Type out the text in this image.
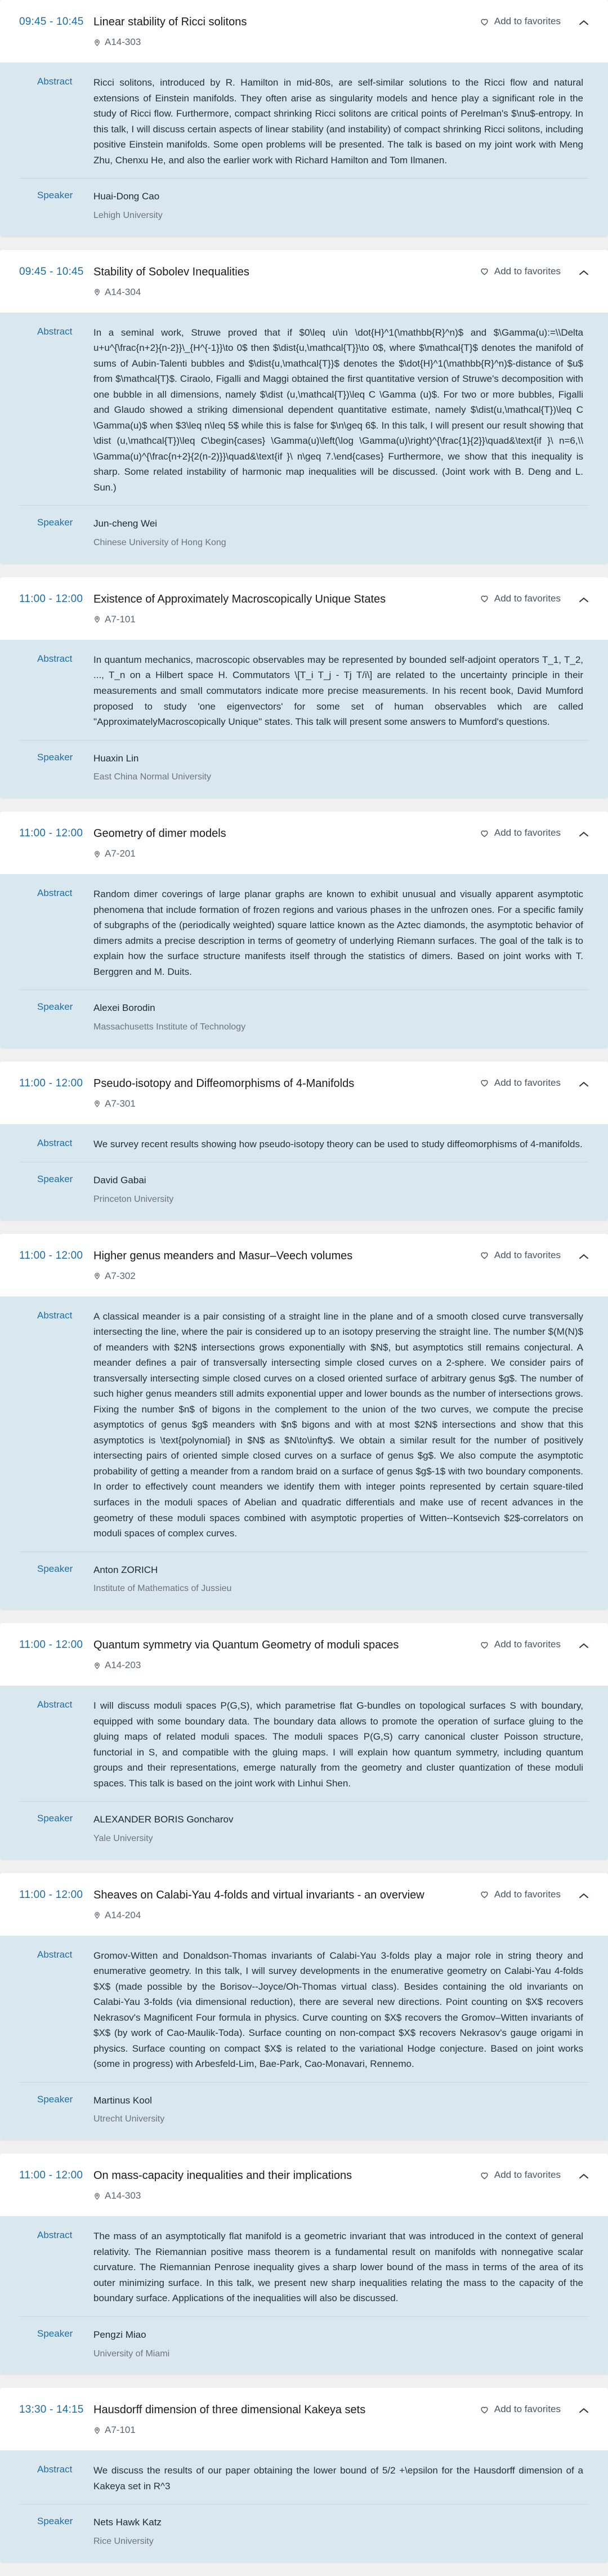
09:45 - 10:45 Linear stability of Ricci solitons
A14-303
Add to favorites
Abstract	Ricci solitons, introduced by R. Hamilton in mid-80s, are self-similar solutions to the Ricci flow and natural extensions of Einstein manifolds. They often arise as singularity models and hence play a significant role in the study of Ricci flow. Furthermore, compact shrinking Ricci solitons are critical points of Perelman's $\nu$-entropy. In this talk, I will discuss certain aspects of linear stability (and instability) of compact shrinking Ricci solitons, including positive Einstein manifolds. Some open problems will be presented. The talk is based on my joint work with Meng Zhu, Chenxu He, and also the earlier work with Richard Hamilton and Tom Ilmanen.
Speaker	Huai-Dong Cao
Lehigh University
09:45 - 10:45 Stability of Sobolev Inequalities
A14-304
Add to favorites
Abstract	In a seminal work, Struwe proved that if $0\leq u\in \dot{H}^1(\mathbb{R}^n)$ and $\Gamma(u):=\\Delta u+u^{\frac{n+2}{n-2}}\_{H^{-1}}\to 0$ then $\dist{u,\mathcal{T}}\to 0$, where $\mathcal{T}$ denotes the manifold of sums of Aubin-Talenti bubbles and $\dist{u,\mathcal{T}}$ denotes the $\dot{H}^1(\mathbb{R}^n)$-distance of $u$ from $\mathcal{T}$. Ciraolo, Figalli and Maggi obtained the first quantitative version of Struwe's decomposition with one bubble in all dimensions, namely $\dist (u,\mathcal{T})\leq C \Gamma (u)$. For two or more bubbles, Figalli and Glaudo showed a striking dimensional dependent quantitative estimate, namely $\dist(u,\mathcal{T})\leq C \Gamma(u)$ when $3\leq n\leq 5$ while this is false for $\n\geq 6$. In this talk, I will present our result showing that \dist (u,\mathcal{T})\leq C\begin{cases} \Gamma(u)\left(\log \Gamma(u)\right)^{\frac{1}{2}}\quad&\text{if }\ n=6,\\ \Gamma(u)^{\frac{n+2}{2(n-2)}}\quad&\text{if }\ n\geq 7.\end{cases} Furthermore, we show that this inequality is sharp. Some related instability of harmonic map inequalities will be discussed. (Joint work with B. Deng and L. Sun.)
Speaker	Jun-cheng Wei
Chinese University of Hong Kong
11:00 - 12:00 Existence of Approximately Macroscopically Unique States
A7-101
Add to favorites
Abstract	In quantum mechanics, macroscopic observables may be represented by bounded self-adjoint operators T_1, T_2, ..., T_n on a Hilbert space H. Commutators \[T_i T_j - Tj T/i\] are related to the uncertainty principle in their measurements and small commutators indicate more precise measurements. In his recent book, David Mumford proposed to study 'one eigenvectors' for some set of human observables which are called "ApproximatelyMacroscopically Unique" states. This talk will present some answers to Mumford's questions.
Speaker	Huaxin Lin
East China Normal University
11:00 - 12:00 Geometry of dimer models
A7-201
Add to favorites
Abstract	Random dimer coverings of large planar graphs are known to exhibit unusual and visually apparent asymptotic phenomena that include formation of frozen regions and various phases in the unfrozen ones. For a specific family of subgraphs of the (periodically weighted) square lattice known as the Aztec diamonds, the asymptotic behavior of dimers admits a precise description in terms of geometry of underlying Riemann surfaces. The goal of the talk is to explain how the surface structure manifests itself through the statistics of dimers. Based on joint works with T. Berggren and M. Duits.
Speaker	Alexei Borodin
Massachusetts Institute of Technology
11:00 - 12:00 Pseudo-isotopy and Diffeomorphisms of 4-Manifolds
A7-301
Add to favorites
Abstract	We survey recent results showing how pseudo-isotopy theory can be used to study diffeomorphisms of 4-manifolds.
Speaker	David Gabai
Princeton University
11:00 - 12:00 Higher genus meanders and Masur–Veech volumes
A7-302
Add to favorites
Abstract	A classical meander is a pair consisting of a straight line in the plane and of a smooth closed curve transversally intersecting the line, where the pair is considered up to an isotopy preserving the straight line. The number $(M(N)$ of meanders with $2N$ intersections grows exponentially with $N$, but asymptotics still remains conjectural. A meander defines a pair of transversally intersecting simple closed curves on a 2-sphere. We consider pairs of transversally intersecting simple closed curves on a closed oriented surface of arbitrary genus $g$. The number of such higher genus meanders still admits exponential upper and lower bounds as the number of intersections grows. Fixing the number $n$ of bigons in the complement to the union of the two curves, we compute the precise asymptotics of genus $g$ meanders with $n$ bigons and with at most $2N$ intersections and show that this asymptotics is \text{polynomial} in $N$ as $N\to\infty$. We obtain a similar result for the number of positively intersecting pairs of oriented simple closed curves on a surface of genus $g$. We also compute the asymptotic probability of getting a meander from a random braid on a surface of genus $g$-1$ with two boundary components. In order to effectively count meanders we identify them with integer points represented by certain square-tiled surfaces in the moduli spaces of Abelian and quadratic differentials and make use of recent advances in the geometry of these moduli spaces combined with asymptotic properties of Witten--Kontsevich $2$-correlators on moduli spaces of complex curves.
Speaker	Anton ZORICH
Institute of Mathematics of Jussieu
11:00 - 12:00 Quantum symmetry via Quantum Geometry of moduli spaces
A14-203
Add to favorites
Abstract	I will discuss moduli spaces P(G,S), which parametrise flat G-bundles on topological surfaces S with boundary, equipped with some boundary data. The boundary data allows to promote the operation of surface gluing to the gluing maps of related moduli spaces. The moduli spaces P(G,S) carry canonical cluster Poisson structure, functorial in S, and compatible with the gluing maps. I will explain how quantum symmetry, including quantum groups and their representations, emerge naturally from the geometry and cluster quantization of these moduli spaces. This talk is based on the joint work with Linhui Shen.
Speaker	ALEXANDER BORIS Goncharov
Yale University
11:00 - 12:00 Sheaves on Calabi-Yau 4-folds and virtual invariants - an overview
A14-204
Add to favorites
Abstract	Gromov-Witten and Donaldson-Thomas invariants of Calabi-Yau 3-folds play a major role in string theory and enumerative geometry. In this talk, I will survey developments in the enumerative geometry on Calabi-Yau 4-folds $X$ (made possible by the Borisov--Joyce/Oh-Thomas virtual class). Besides containing the old invariants on Calabi-Yau 3-folds (via dimensional reduction), there are several new directions. Point counting on $X$ recovers Nekrasov's Magnificent Four formula in physics. Curve counting on $X$ recovers the Gromov–Witten invariants of $X$ (by work of Cao-Maulik-Toda). Surface counting on non-compact $X$ recovers Nekrasov's gauge origami in physics. Surface counting on compact $X$ is related to the variational Hodge conjecture. Based on joint works (some in progress) with Arbesfeld-Lim, Bae-Park, Cao-Monavari, Rennemo.
Speaker	Martinus Kool
Utrecht University
11:00 - 12:00 On mass-capacity inequalities and their implications
A14-303
Add to favorites
Abstract	The mass of an asymptotically flat manifold is a geometric invariant that was introduced in the context of general relativity. The Riemannian positive mass theorem is a fundamental result on manifolds with nonnegative scalar curvature. The Riemannian Penrose inequality gives a sharp lower bound of the mass in terms of the area of its outer minimizing surface. In this talk, we present new sharp inequalities relating the mass to the capacity of the boundary surface. Applications of the inequalities will also be discussed.
Speaker	Pengzi Miao
University of Miami
13:30 - 14:15 Hausdorff dimension of three dimensional Kakeya sets
A7-101
Add to favorites
Abstract	We discuss the results of our paper obtaining the lower bound of 5/2 +\epsilon for the Hausdorff dimension of a Kakeya set in R^3
Speaker	Nets Hawk Katz
Rice University
